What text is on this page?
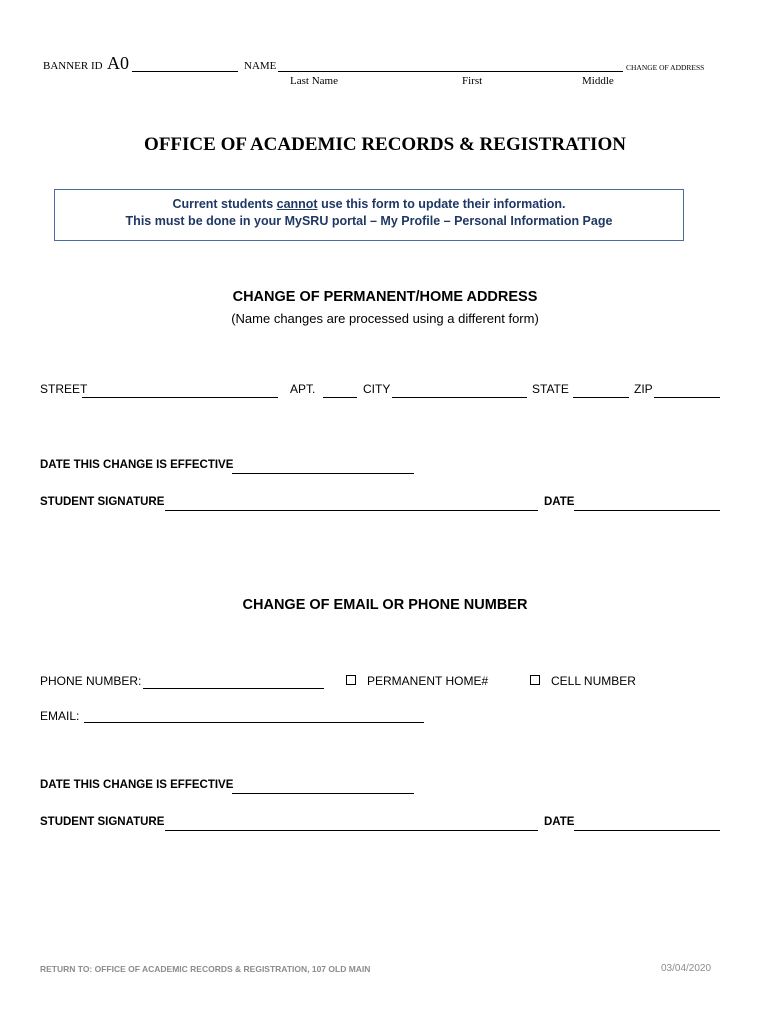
BANNER ID A0	NAME	CHANGE OF ADDRESS
Last Name	First	Middle
OFFICE OF ACADEMIC RECORDS & REGISTRATION
Current students cannot use this form to update their information.
This must be done in your MySRU portal – My Profile – Personal Information Page
CHANGE OF PERMANENT/HOME ADDRESS
(Name changes are processed using a different form)
STREET	APT.	CITY	STATE	ZIP
DATE THIS CHANGE IS EFFECTIVE
STUDENT SIGNATURE	DATE
CHANGE OF EMAIL OR PHONE NUMBER
PHONE NUMBER:	PERMANENT HOME#	CELL NUMBER
EMAIL:
DATE THIS CHANGE IS EFFECTIVE
STUDENT SIGNATURE	DATE
RETURN TO: OFFICE OF ACADEMIC RECORDS & REGISTRATION, 107 OLD MAIN	03/04/2020
